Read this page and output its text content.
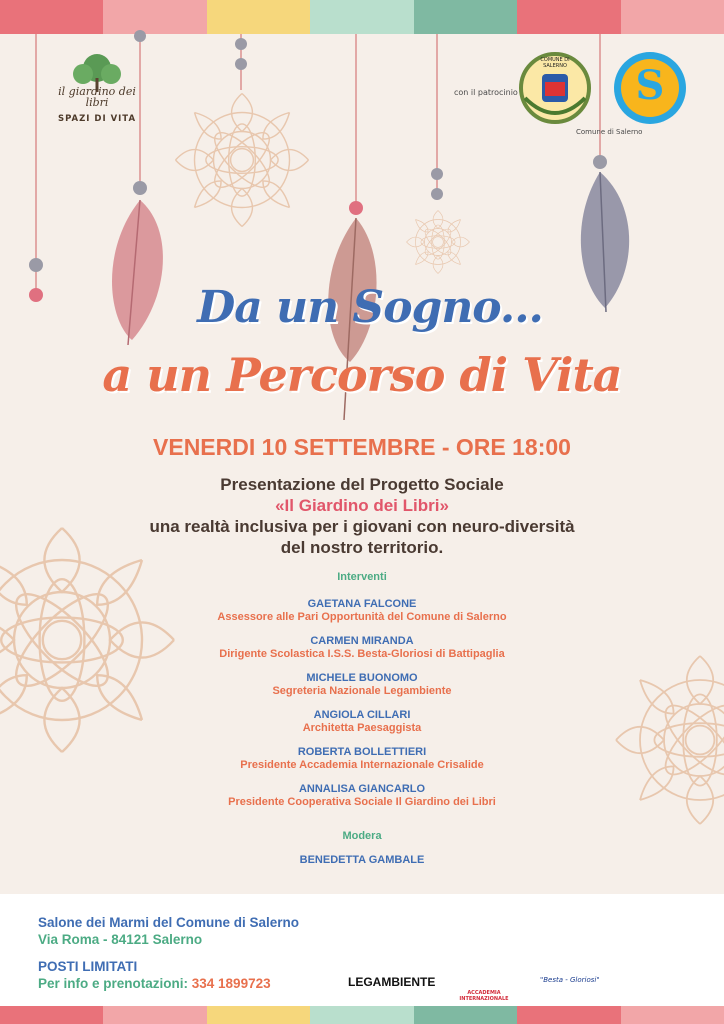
il giardino dei libri
SPAZI DI VITA
con il patrocinio
Comune di Salerno
COMUNE DI SALERNO	S
Da un Sogno...
a un Percorso di Vita
VENERDI 10 SETTEMBRE - ORE 18:00
Presentazione del Progetto Sociale
«Il Giardino dei Libri»
una realtà inclusiva per i giovani con neuro-diversità
del nostro territorio.
Interventi
GAETANA FALCONE
Assessore alle Pari Opportunità del Comune di Salerno
CARMEN MIRANDA
Dirigente Scolastica I.S.S. Besta-Gloriosi di Battipaglia
MICHELE BUONOMO
Segreteria Nazionale Legambiente
ANGIOLA CILLARI
Architetta Paesaggista
ROBERTA BOLLETTIERI
Presidente Accademia Internazionale Crisalide
ANNALISA GIANCARLO
Presidente Cooperativa Sociale Il Giardino dei Libri
Modera
BENEDETTA GAMBALE
Salone dei Marmi del Comune di Salerno
Via Roma - 84121 Salerno
POSTI LIMITATI
Per info e prenotazioni: 334 1899723	LEGAMBIENTE
ACCADEMIA INTERNAZIONALE
"Besta - Gloriosi"
